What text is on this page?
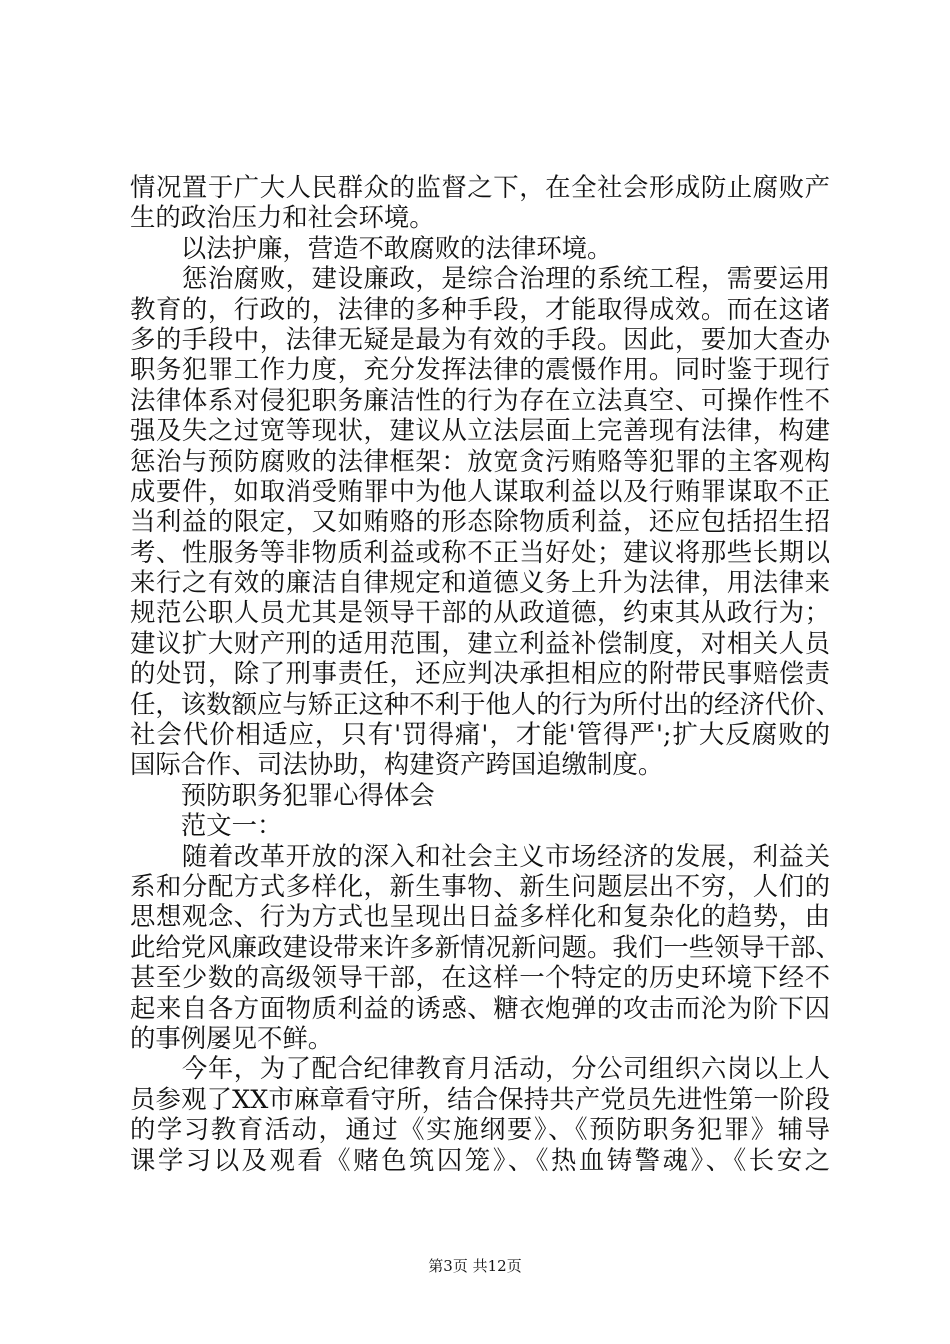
情况置于广大人民群众的监督之下，在全社会形成防止腐败产
生的政治压力和社会环境。
　　以法护廉，营造不敢腐败的法律环境。
　　惩治腐败，建设廉政，是综合治理的系统工程，需要运用
教育的，行政的，法律的多种手段，才能取得成效。而在这诸
多的手段中，法律无疑是最为有效的手段。因此，要加大查办
职务犯罪工作力度，充分发挥法律的震慑作用。同时鉴于现行
法律体系对侵犯职务廉洁性的行为存在立法真空、可操作性不
强及失之过宽等现状，建议从立法层面上完善现有法律，构建
惩治与预防腐败的法律框架：放宽贪污贿赂等犯罪的主客观构
成要件，如取消受贿罪中为他人谋取利益以及行贿罪谋取不正
当利益的限定，又如贿赂的形态除物质利益，还应包括招生招
考、性服务等非物质利益或称不正当好处；建议将那些长期以
来行之有效的廉洁自律规定和道德义务上升为法律，用法律来
规范公职人员尤其是领导干部的从政道德，约束其从政行为；
建议扩大财产刑的适用范围，建立利益补偿制度，对相关人员
的处罚，除了刑事责任，还应判决承担相应的附带民事赔偿责
任，该数额应与矫正这种不利于他人的行为所付出的经济代价、
社会代价相适应，只有'罚得痛'，才能'管得严';扩大反腐败的
国际合作、司法协助，构建资产跨国追缴制度。
　　预防职务犯罪心得体会
　　范文一：
　　随着改革开放的深入和社会主义市场经济的发展，利益关
系和分配方式多样化，新生事物、新生问题层出不穷，人们的
思想观念、行为方式也呈现出日益多样化和复杂化的趋势，由
此给党风廉政建设带来许多新情况新问题。我们一些领导干部、
甚至少数的高级领导干部，在这样一个特定的历史环境下经不
起来自各方面物质利益的诱惑、糖衣炮弹的攻击而沦为阶下囚
的事例屡见不鲜。
　　今年，为了配合纪律教育月活动，分公司组织六岗以上人
员参观了XX市麻章看守所，结合保持共产党员先进性第一阶段
的学习教育活动，通过《实施纲要》、《预防职务犯罪》辅导
课学习以及观看《赌色筑囚笼》、《热血铸警魂》、《长安之
第3页 共12页
